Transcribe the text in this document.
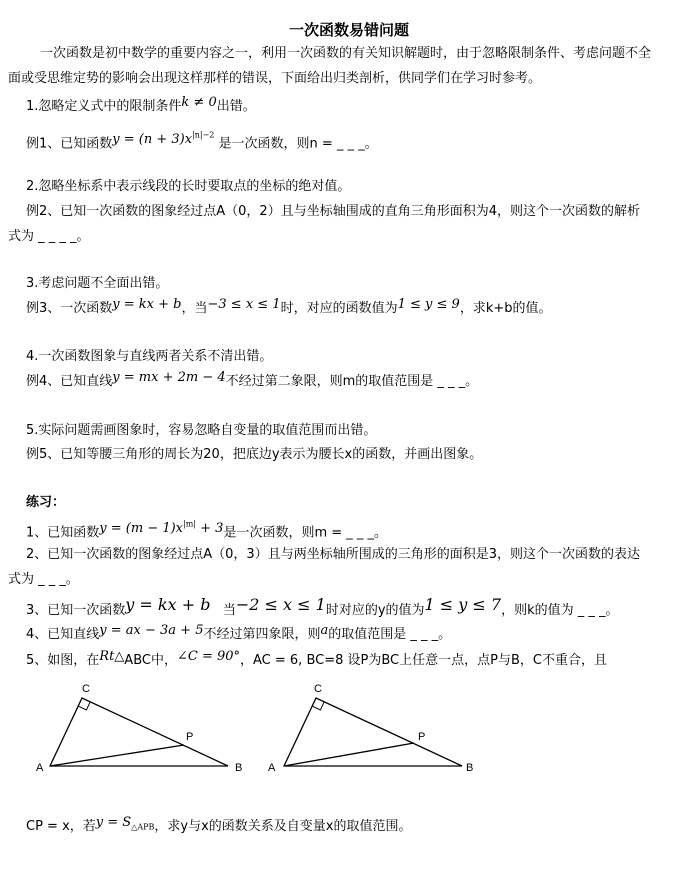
一次函数易错问题
一次函数是初中数学的重要内容之一，利用一次函数的有关知识解题时，由于忽略限制条件、考虑问题不全
面或受思维定势的影响会出现这样那样的错误，下面给出归类剖析，供同学们在学习时参考。
1.忽略定义式中的限制条件k ≠ 0出错。
例1、已知函数$y = (n + 3)x^{|n|-2}$ 是一次函数，则n = _ _ _。
2.忽略坐标系中表示线段的长时要取点的坐标的绝对值。
例2、已知一次函数的图象经过点A（0，2）且与坐标轴围成的直角三角形面积为4，则这个一次函数的解析
式为 _ _ _ _。
3.考虑问题不全面出错。
例3、一次函数y = kx + b，当−3 ≤ x ≤ 1时，对应的函数值为1 ≤ y ≤ 9，求k+b的值。
4.一次函数图象与直线两者关系不清出错。
例4、已知直线y = mx + 2m − 4不经过第二象限，则m的取值范围是 _ _ _。
5.实际问题需画图象时，容易忽略自变量的取值范围而出错。
例5、已知等腰三角形的周长为20，把底边y表示为腰长x的函数，并画出图象。
练习：
1、已知函数$y = (m - 1)x^{|m|} + 3$是一次函数，则m = _ _ _。
2、已知一次函数的图象经过点A（0，3）且与两坐标轴所围成的三角形的面积是3，则这个一次函数的表达
式为 _ _ _。
3、已知一次函数y = kx + b 当−2 ≤ x ≤ 1时对应的y的值为1 ≤ y ≤ 7，则k的值为 _ _ _。
4、已知直线y = ax − 3a + 5不经过第四象限，则a的取值范围是 _ _ _。
5、如图，在Rt△ABC中，∠C = 90°，AC = 6, BC=8 设P为BC上任意一点，点P与B，C不重合，且
C
A	B
P
C
A	B
P
CP = x，若$y = S_{\triangle APB}$，求y与x的函数关系及自变量x的取值范围。
